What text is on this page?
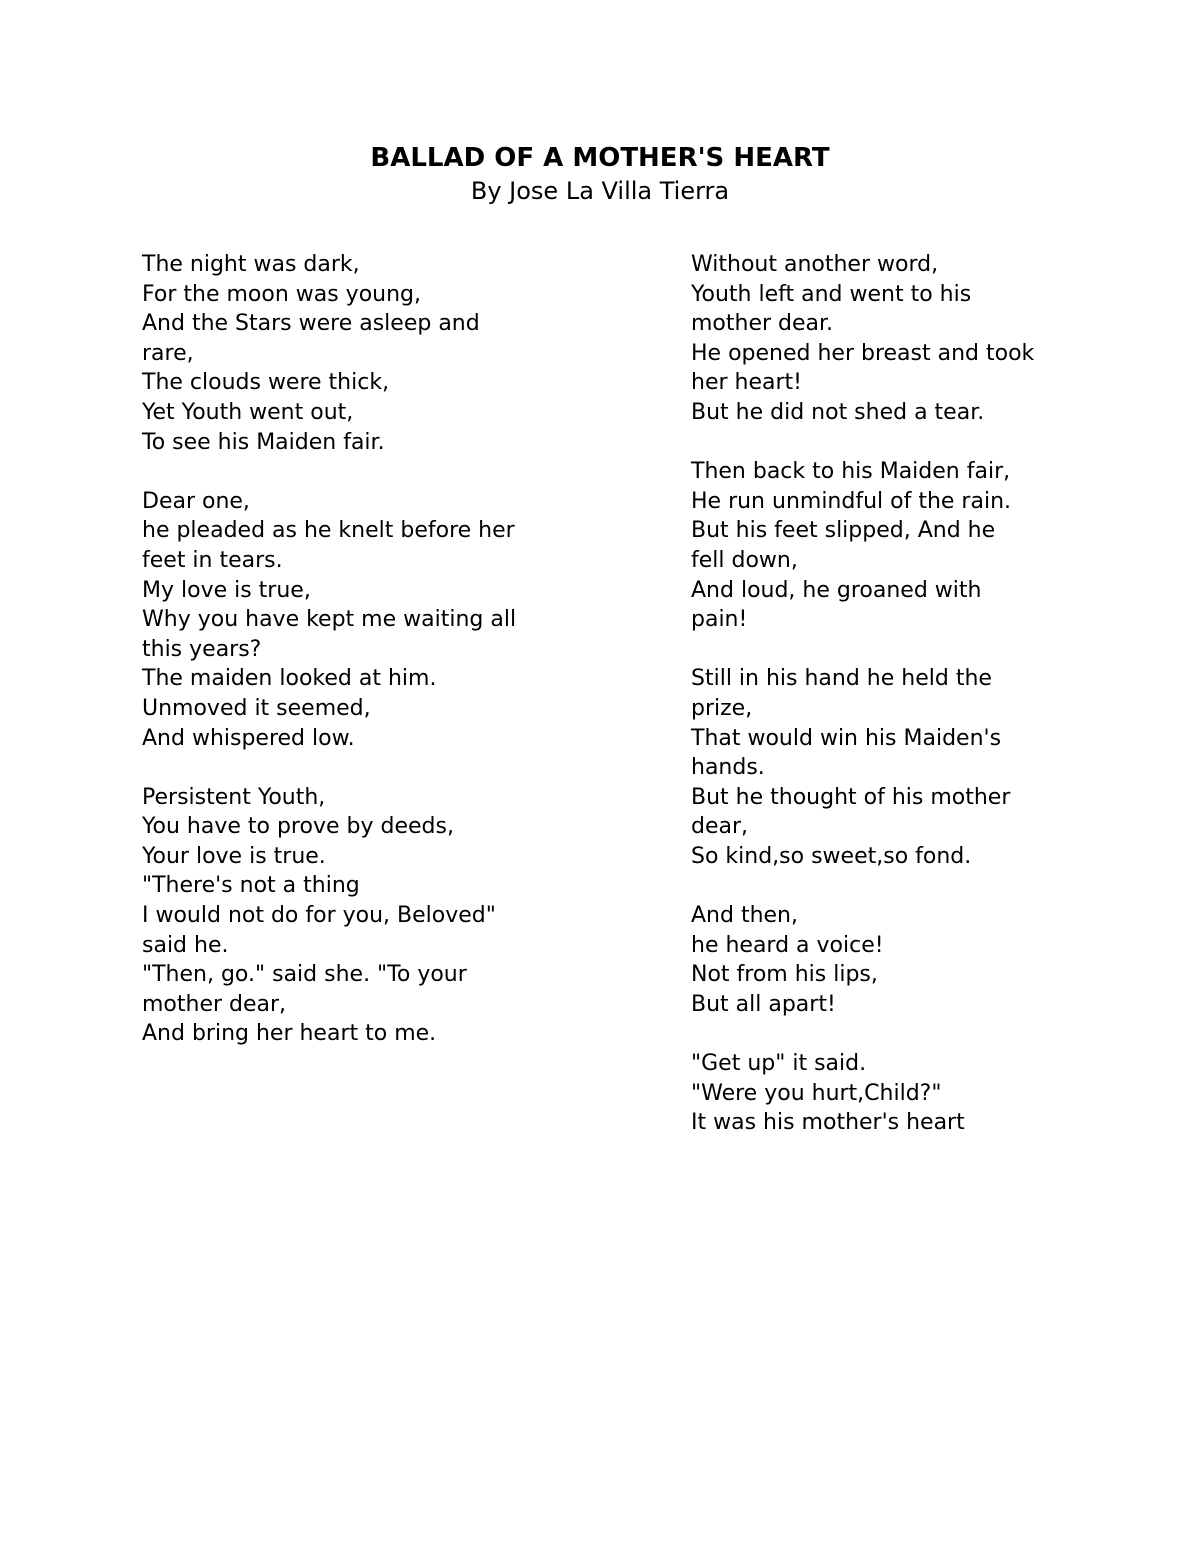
BALLAD OF A MOTHER'S HEART
By Jose La Villa Tierra
The night was dark,
For the moon was young,
And the Stars were asleep and
rare,
The clouds were thick,
Yet Youth went out,
To see his Maiden fair.
Dear one,
he pleaded as he knelt before her
feet in tears.
My love is true,
Why you have kept me waiting all
this years?
The maiden looked at him.
Unmoved it seemed,
And whispered low.
Persistent Youth,
You have to prove by deeds,
Your love is true.
"There's not a thing
I would not do for you, Beloved"
said he.
"Then, go." said she. "To your
mother dear,
And bring her heart to me.
Without another word,
Youth left and went to his
mother dear.
He opened her breast and took
her heart!
But he did not shed a tear.
Then back to his Maiden fair,
He run unmindful of the rain.
But his feet slipped, And he
fell down,
And loud, he groaned with
pain!
Still in his hand he held the
prize,
That would win his Maiden's
hands.
But he thought of his mother
dear,
So kind,so sweet,so fond.
And then,
he heard a voice!
Not from his lips,
But all apart!
"Get up" it said.
"Were you hurt,Child?"
It was his mother's heart
